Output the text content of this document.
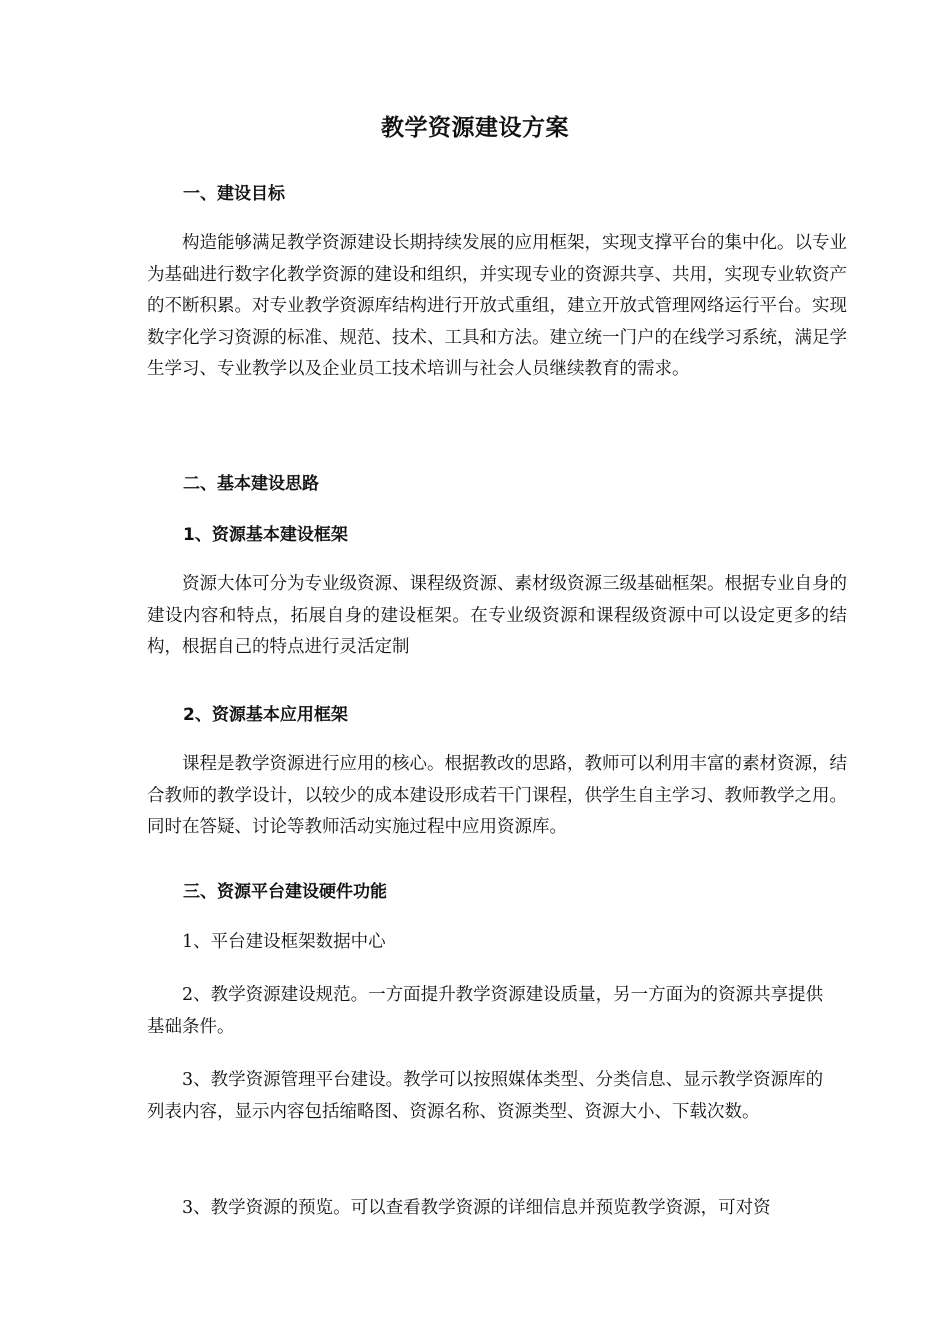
教学资源建设方案
一、建设目标

构造能够满足教学资源建设长期持续发展的应用框架，实现支撑平台的集中化。以专业为基础进行数字化教学资源的建设和组织，并实现专业的资源共享、共用，实现专业软资产的不断积累。对专业教学资源库结构进行开放式重组，建立开放式管理网络运行平台。实现数字化学习资源的标准、规范、技术、工具和方法。建立统一门户的在线学习系统，满足学生学习、专业教学以及企业员工技术培训与社会人员继续教育的需求。

二、基本建设思路
1、资源基本建设框架

资源大体可分为专业级资源、课程级资源、素材级资源三级基础框架。根据专业自身的建设内容和特点，拓展自身的建设框架。在专业级资源和课程级资源中可以设定更多的结构，根据自己的特点进行灵活定制

2、资源基本应用框架

课程是教学资源进行应用的核心。根据教改的思路，教师可以利用丰富的素材资源，结合教师的教学设计，以较少的成本建设形成若干门课程，供学生自主学习、教师教学之用。同时在答疑、讨论等教师活动实施过程中应用资源库。

三、资源平台建设硬件功能

1、平台建设框架数据中心

2、教学资源建设规范。一方面提升教学资源建设质量，另一方面为的资源共享提供基础条件。

3、教学资源管理平台建设。教学可以按照媒体类型、分类信息、显示教学资源库的列表内容，显示内容包括缩略图、资源名称、资源类型、资源大小、下载次数。

3、教学资源的预览。可以查看教学资源的详细信息并预览教学资源，可对资
